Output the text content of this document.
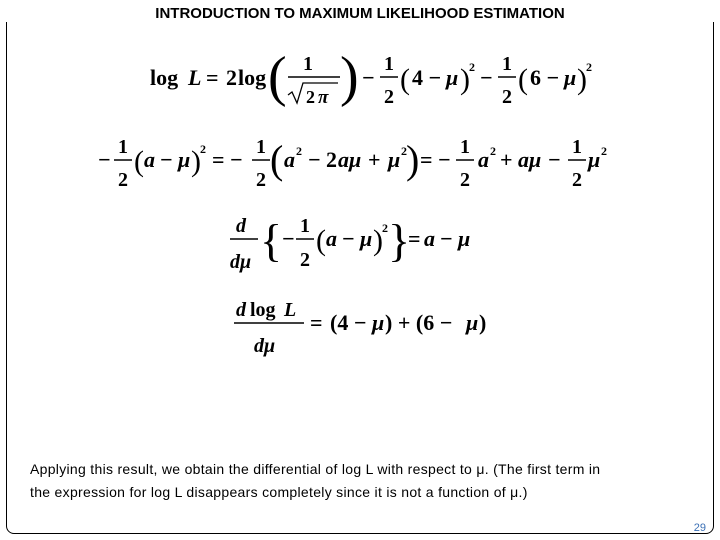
INTRODUCTION TO MAXIMUM LIKELIHOOD ESTIMATION
log L = 2 log ( 1
2 π ) −
1
2
( 4 − μ ) 2 −
1
2
( 6 − μ ) 2
− 1
2
( a − μ ) 2 = − 1
2 ( a 2 − 2 aμ + μ 2 ) = − 1
2
a 2 + aμ − 1
2
μ 2
d
dμ { − 1
2
( a − μ ) 2 }
= a − μ
d log L
dμ
= (4 − μ ) + (6 − μ )
Applying this result, we obtain the differential of log L with respect to μ. (The first term in
the expression for log L disappears completely since it is not a function of μ.)
29
